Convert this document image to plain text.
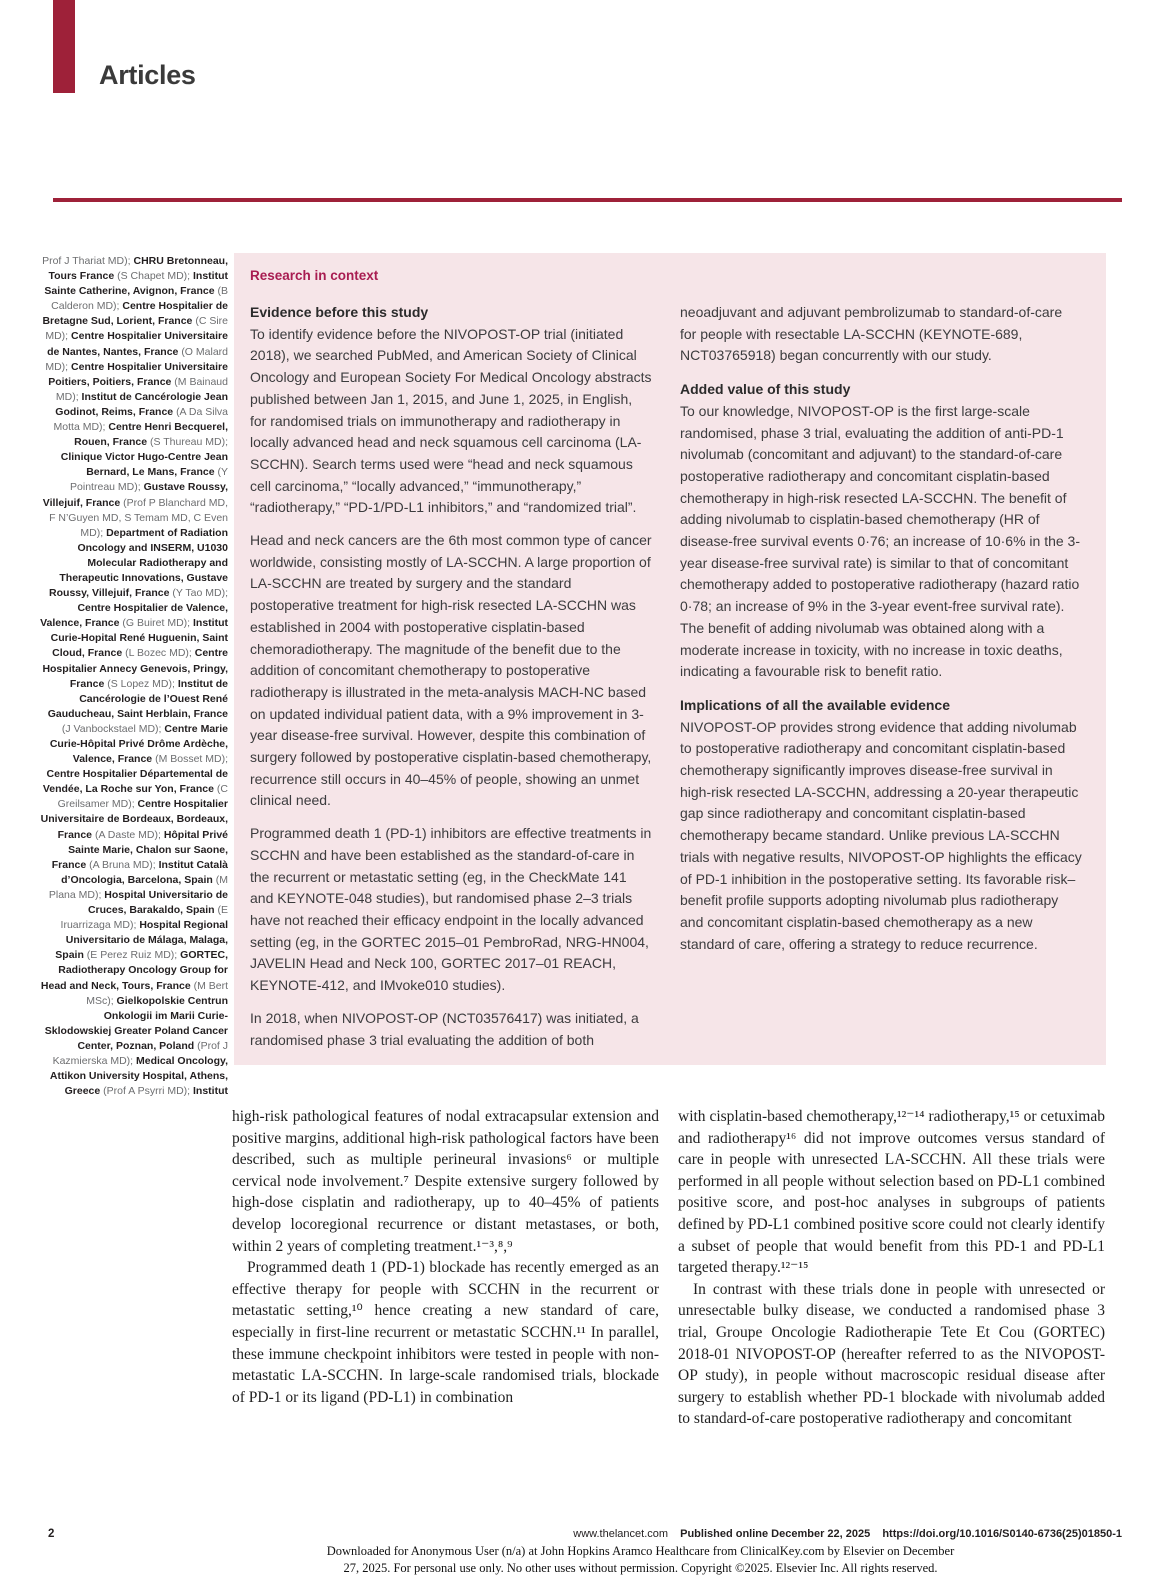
Articles
Prof J Thariat MD); CHRU Bretonneau, Tours France (S Chapet MD); Institut Sainte Catherine, Avignon, France (B Calderon MD); Centre Hospitalier de Bretagne Sud, Lorient, France (C Sire MD); Centre Hospitalier Universitaire de Nantes, Nantes, France (O Malard MD); Centre Hospitalier Universitaire Poitiers, Poitiers, France (M Bainaud MD); Institut de Cancérologie Jean Godinot, Reims, France (A Da Silva Motta MD); Centre Henri Becquerel, Rouen, France (S Thureau MD); Clinique Victor Hugo-Centre Jean Bernard, Le Mans, France (Y Pointreau MD); Gustave Roussy, Villejuif, France (Prof P Blanchard MD, F N’Guyen MD, S Temam MD, C Even MD); Department of Radiation Oncology and INSERM, U1030 Molecular Radiotherapy and Therapeutic Innovations, Gustave Roussy, Villejuif, France (Y Tao MD); Centre Hospitalier de Valence, Valence, France (G Buiret MD); Institut Curie-Hopital René Huguenin, Saint Cloud, France (L Bozec MD); Centre Hospitalier Annecy Genevois, Pringy, France (S Lopez MD); Institut de Cancérologie de l’Ouest René Gauducheau, Saint Herblain, France (J Vanbockstael MD); Centre Marie Curie-Hôpital Privé Drôme Ardèche, Valence, France (M Bosset MD); Centre Hospitalier Départemental de Vendée, La Roche sur Yon, France (C Greilsamer MD); Centre Hospitalier Universitaire de Bordeaux, Bordeaux, France (A Daste MD); Hôpital Privé Sainte Marie, Chalon sur Saone, France (A Bruna MD); Institut Català d’Oncologia, Barcelona, Spain (M Plana MD); Hospital Universitario de Cruces, Barakaldo, Spain (E Iruarrizaga MD); Hospital Regional Universitario de Málaga, Malaga, Spain (E Perez Ruiz MD); GORTEC, Radiotherapy Oncology Group for Head and Neck, Tours, France (M Bert MSc); Gielkopolskie Centrun Onkologii im Marii Curie-Sklodowskiej Greater Poland Cancer Center, Poznan, Poland (Prof J Kazmierska MD); Medical Oncology, Attikon University Hospital, Athens, Greece (Prof A Psyrri MD); Institut
Research in context
Evidence before this study

To identify evidence before the NIVOPOST-OP trial (initiated 2018), we searched PubMed, and American Society of Clinical Oncology and European Society For Medical Oncology abstracts published between Jan 1, 2015, and June 1, 2025, in English, for randomised trials on immunotherapy and radiotherapy in locally advanced head and neck squamous cell carcinoma (LA-SCCHN). Search terms used were “head and neck squamous cell carcinoma,” “locally advanced,” “immunotherapy,” “radiotherapy,” “PD-1/PD-L1 inhibitors,” and “randomized trial”.

Head and neck cancers are the 6th most common type of cancer worldwide, consisting mostly of LA-SCCHN. A large proportion of LA-SCCHN are treated by surgery and the standard postoperative treatment for high-risk resected LA-SCCHN was established in 2004 with postoperative cisplatin-based chemoradiotherapy. The magnitude of the benefit due to the addition of concomitant chemotherapy to postoperative radiotherapy is illustrated in the meta-analysis MACH-NC based on updated individual patient data, with a 9% improvement in 3-year disease-free survival. However, despite this combination of surgery followed by postoperative cisplatin-based chemotherapy, recurrence still occurs in 40–45% of people, showing an unmet clinical need.

Programmed death 1 (PD-1) inhibitors are effective treatments in SCCHN and have been established as the standard-of-care in the recurrent or metastatic setting (eg, in the CheckMate 141 and KEYNOTE-048 studies), but randomised phase 2–3 trials have not reached their efficacy endpoint in the locally advanced setting (eg, in the GORTEC 2015–01 PembroRad, NRG-HN004, JAVELIN Head and Neck 100, GORTEC 2017–01 REACH, KEYNOTE-412, and IMvoke010 studies).

In 2018, when NIVOPOST-OP (NCT03576417) was initiated, a randomised phase 3 trial evaluating the addition of both

neoadjuvant and adjuvant pembrolizumab to standard-of-care for people with resectable LA-SCCHN (KEYNOTE-689, NCT03765918) began concurrently with our study.

Added value of this study

To our knowledge, NIVOPOST-OP is the first large-scale randomised, phase 3 trial, evaluating the addition of anti-PD-1 nivolumab (concomitant and adjuvant) to the standard-of-care postoperative radiotherapy and concomitant cisplatin-based chemotherapy in high-risk resected LA-SCCHN. The benefit of adding nivolumab to cisplatin-based chemotherapy (HR of disease-free survival events 0·76; an increase of 10·6% in the 3-year disease-free survival rate) is similar to that of concomitant chemotherapy added to postoperative radiotherapy (hazard ratio 0·78; an increase of 9% in the 3-year event-free survival rate). The benefit of adding nivolumab was obtained along with a moderate increase in toxicity, with no increase in toxic deaths, indicating a favourable risk to benefit ratio.

Implications of all the available evidence

NIVOPOST-OP provides strong evidence that adding nivolumab to postoperative radiotherapy and concomitant cisplatin-based chemotherapy significantly improves disease-free survival in high-risk resected LA-SCCHN, addressing a 20-year therapeutic gap since radiotherapy and concomitant cisplatin-based chemotherapy became standard. Unlike previous LA-SCCHN trials with negative results, NIVOPOST-OP highlights the efficacy of PD-1 inhibition in the postoperative setting. Its favorable risk–benefit profile supports adopting nivolumab plus radiotherapy and concomitant cisplatin-based chemotherapy as a new standard of care, offering a strategy to reduce recurrence.

high-risk pathological features of nodal extracapsular extension and positive margins, additional high-risk pathological factors have been described, such as multiple perineural invasions⁶ or multiple cervical node involvement.⁷ Despite extensive surgery followed by high-dose cisplatin and radiotherapy, up to 40–45% of patients develop locoregional recurrence or distant metastases, or both, within 2 years of completing treatment.¹⁻³,⁸,⁹

Programmed death 1 (PD-1) blockade has recently emerged as an effective therapy for people with SCCHN in the recurrent or metastatic setting,¹⁰ hence creating a new standard of care, especially in first-line recurrent or metastatic SCCHN.¹¹ In parallel, these immune checkpoint inhibitors were tested in people with non-metastatic LA-SCCHN. In large-scale randomised trials, blockade of PD-1 or its ligand (PD-L1) in combination

with cisplatin-based chemotherapy,¹²⁻¹⁴ radiotherapy,¹⁵ or cetuximab and radiotherapy¹⁶ did not improve outcomes versus standard of care in people with unresected LA-SCCHN. All these trials were performed in all people without selection based on PD-L1 combined positive score, and post-hoc analyses in subgroups of patients defined by PD-L1 combined positive score could not clearly identify a subset of people that would benefit from this PD-1 and PD-L1 targeted therapy.¹²⁻¹⁵

In contrast with these trials done in people with unresected or unresectable bulky disease, we conducted a randomised phase 3 trial, Groupe Oncologie Radiotherapie Tete Et Cou (GORTEC) 2018-01 NIVOPOST-OP (hereafter referred to as the NIVOPOST-OP study), in people without macroscopic residual disease after surgery to establish whether PD-1 blockade with nivolumab added to standard-of-care postoperative radiotherapy and concomitant

2	www.thelancet.com Published online December 22, 2025 https://doi.org/10.1016/S0140-6736(25)01850-1
Downloaded for Anonymous User (n/a) at John Hopkins Aramco Healthcare from ClinicalKey.com by Elsevier on December
27, 2025. For personal use only. No other uses without permission. Copyright ©2025. Elsevier Inc. All rights reserved.
